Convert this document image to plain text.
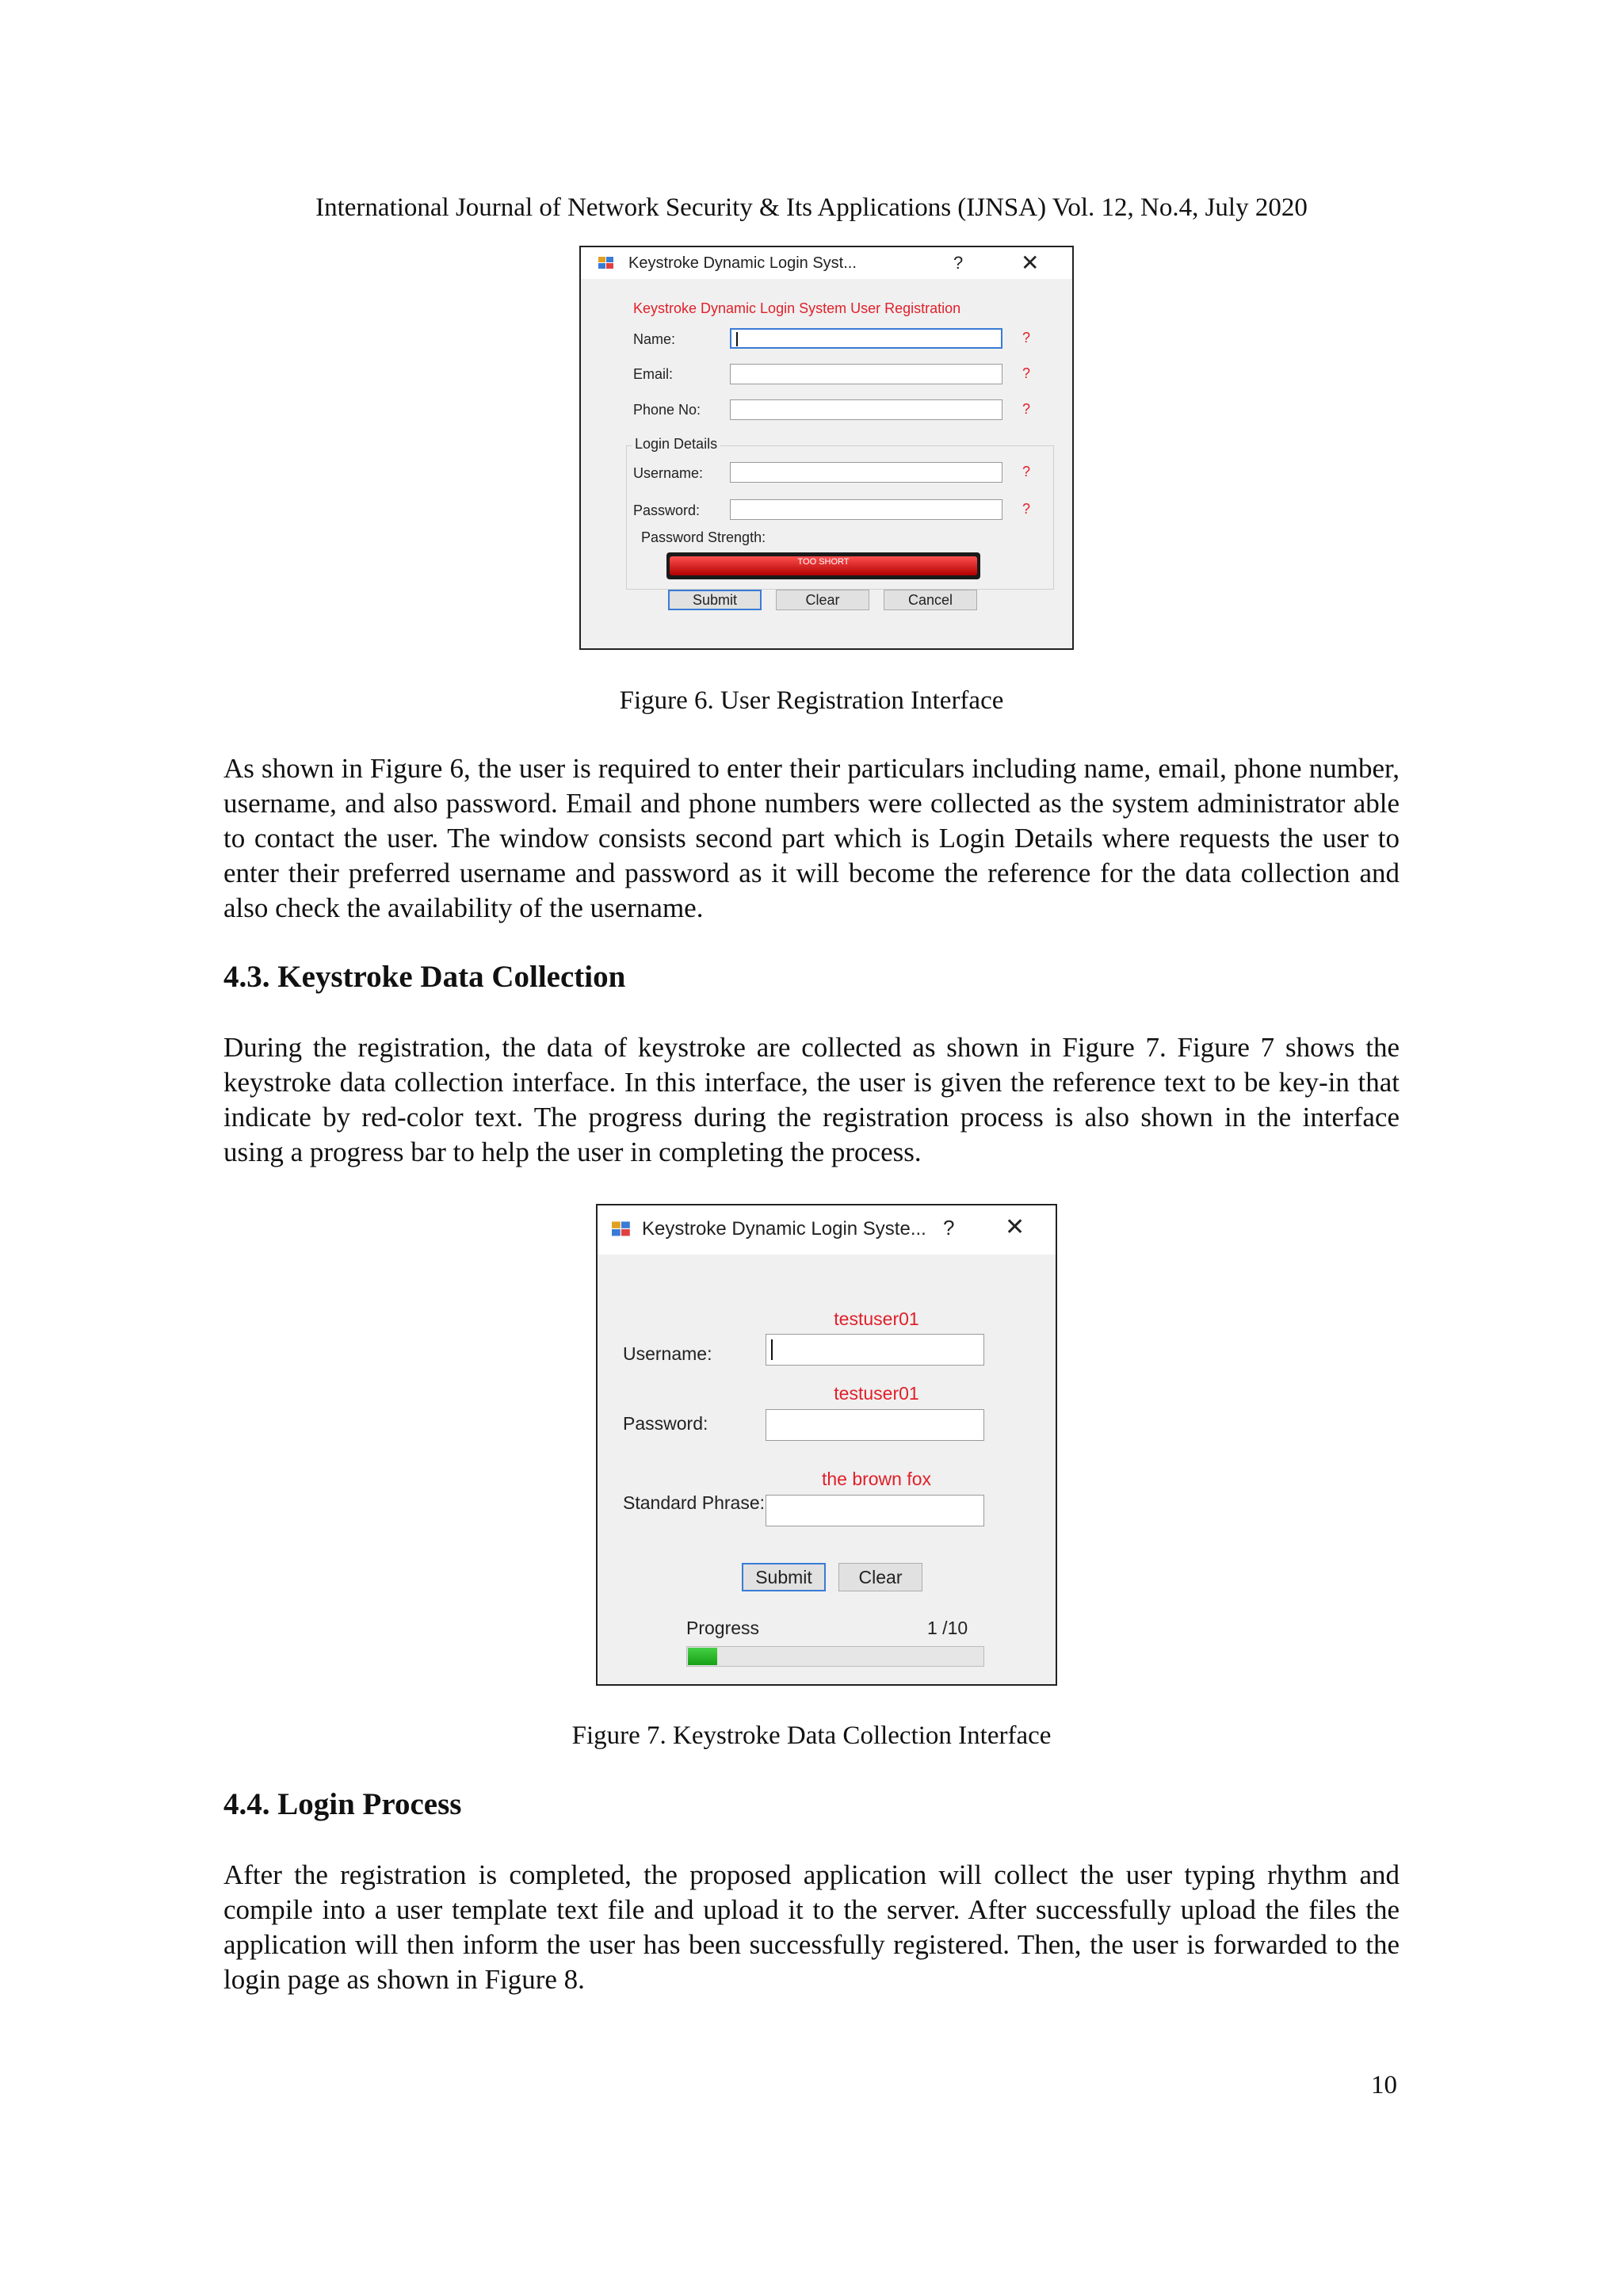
International Journal of Network Security & Its Applications (IJNSA) Vol. 12, No.4, July 2020
Keystroke Dynamic Login Syst...	?	✕
Keystroke Dynamic Login System User Registration
Name:	?
Email:	?
Phone No:	?
Login Details
Username:	?
Password:	?
Password Strength:
TOO SHORT
Submit	Clear	Cancel
Figure 6. User Registration Interface
As shown in Figure 6, the user is required to enter their particulars including name, email, phone number, username, and also password. Email and phone numbers were collected as the system administrator able to contact the user. The window consists second part which is Login Details where requests the user to enter their preferred username and password as it will become the reference for the data collection and also check the availability of the username.
4.3. Keystroke Data Collection
During the registration, the data of keystroke are collected as shown in Figure 7. Figure 7 shows the keystroke data collection interface. In this interface, the user is given the reference text to be key-in that indicate by red-color text. The progress during the registration process is also shown in the interface using a progress bar to help the user in completing the process.
Keystroke Dynamic Login Syste... ? ✕
testuser01
Username:
testuser01
Password:
the brown fox
Standard Phrase:
Submit	Clear
Progress	1 /10
Figure 7. Keystroke Data Collection Interface
4.4. Login Process
After the registration is completed, the proposed application will collect the user typing rhythm and compile into a user template text file and upload it to the server. After successfully upload the files the application will then inform the user has been successfully registered. Then, the user is forwarded to the login page as shown in Figure 8.
10
